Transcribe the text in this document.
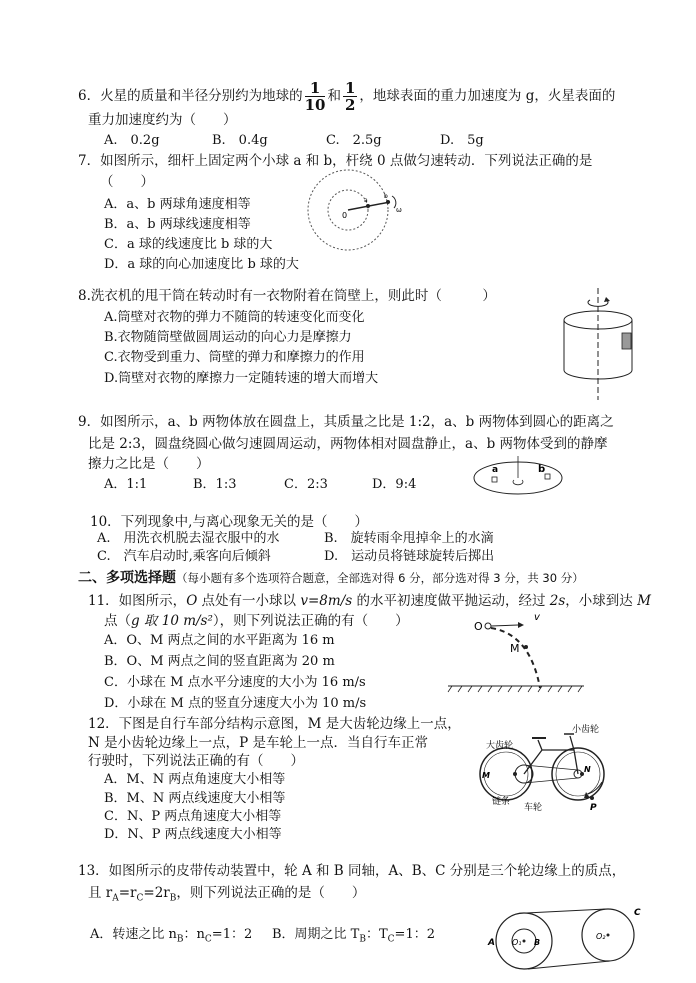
6．火星的质量和半径分别约为地球的 $\frac{1}{10}$ 和 $\frac{1}{2}$ ，地球表面的重力加速度为 g，火星表面的
重力加速度约为（　　）
A.　0.2g	B.　0.4g	C.　2.5g	D.　5g
7．如图所示，细杆上固定两个小球 a 和 b，杆绕 0 点做匀速转动．下列说法正确的是
（　　）
A．a、b 两球角速度相等
B．a、b 两球线速度相等
C．a 球的线速度比 b 球的大
D．a 球的向心加速度比 b 球的大
0
a
b
ω
8.洗衣机的甩干筒在转动时有一衣物附着在筒壁上，则此时（　　　）
A.筒壁对衣物的弹力不随筒的转速变化而变化
B.衣物随筒壁做圆周运动的向心力是摩擦力
C.衣物受到重力、筒壁的弹力和摩擦力的作用
D.筒壁对衣物的摩擦力一定随转速的增大而增大
9．如图所示，a、b 两物体放在圆盘上，其质量之比是 1:2，a、b 两物体到圆心的距离之
比是 2:3，圆盘绕圆心做匀速圆周运动，两物体相对圆盘静止，a、b 两物体受到的静摩
擦力之比是（　　）
A．1:1	B．1:3	C．2:3	D．9:4
a	b
10．下列现象中,与离心现象无关的是（　　）
A.　用洗衣机脱去湿衣服中的水	B.　旋转雨伞甩掉伞上的水滴
C.　汽车启动时,乘客向后倾斜	D.　运动员将链球旋转后掷出
二、多项选择题（每小题有多个选项符合题意，全部选对得 6 分，部分选对得 3 分，共 30 分）
11．如图所示，O 点处有一小球以 v=8m/s 的水平初速度做平抛运动，经过 2s，小球到达 M
点（g 取 10 m/s²），则下列说法正确的有（　　）
A．O、M 两点之间的水平距离为 16 m
B．O、M 两点之间的竖直距离为 20 m
C．小球在 M 点水平分速度的大小为 16 m/s
D．小球在 M 点的竖直分速度大小为 10 m/s
O
v
M
12．下图是自行车部分结构示意图，M 是大齿轮边缘上一点，
N 是小齿轮边缘上一点，P 是车轮上一点．当自行车正常
行驶时，下列说法正确的有（　　）
A．M、N 两点角速度大小相等
B．M、N 两点线速度大小相等
C．N、P 两点角速度大小相等
D．N、P 两点线速度大小相等
大齿轮
小齿轮
链条
车轮
M
N
P
13．如图所示的皮带传动装置中，轮 A 和 B 同轴，A、B、C 分别是三个轮边缘上的质点，
且 $r_A=r_C=2r_B$，则下列说法正确的是（　　）
A．转速之比 $n_B$：$n_C=1$：2 B．周期之比 $T_B$：$T_C=1$：2
A	B
C
O₁
O₂
